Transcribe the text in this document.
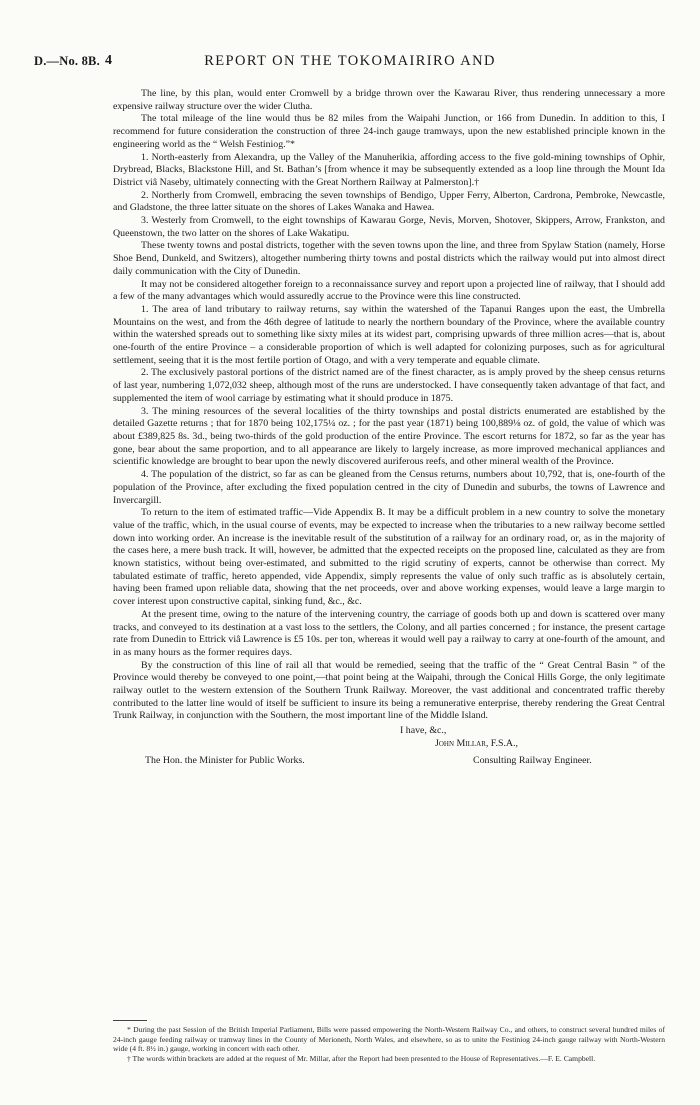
D.—No. 8B. 4	REPORT ON THE TOKOMAIRIRO AND

The line, by this plan, would enter Cromwell by a bridge thrown over the Kawarau River, thus rendering unnecessary a more expensive railway structure over the wider Clutha.

The total mileage of the line would thus be 82 miles from the Waipahi Junction, or 166 from Dunedin. In addition to this, I recommend for future consideration the construction of three 24-inch gauge tramways, upon the new established principle known in the engineering world as the “ Welsh Festiniog.”*

1. North-easterly from Alexandra, up the Valley of the Manuherikia, affording access to the five gold-mining townships of Ophir, Drybread, Blacks, Blackstone Hill, and St. Bathan’s [from whence it may be subsequently extended as a loop line through the Mount Ida District viâ Naseby, ultimately connecting with the Great Northern Railway at Palmerston].†

2. Northerly from Cromwell, embracing the seven townships of Bendigo, Upper Ferry, Alberton, Cardrona, Pembroke, Newcastle, and Gladstone, the three latter situate on the shores of Lakes Wanaka and Hawea.

3. Westerly from Cromwell, to the eight townships of Kawarau Gorge, Nevis, Morven, Shotover, Skippers, Arrow, Frankston, and Queenstown, the two latter on the shores of Lake Wakatipu.

These twenty towns and postal districts, together with the seven towns upon the line, and three from Spylaw Station (namely, Horse Shoe Bend, Dunkeld, and Switzers), altogether numbering thirty towns and postal districts which the railway would put into almost direct daily communication with the City of Dunedin.

It may not be considered altogether foreign to a reconnaissance survey and report upon a projected line of railway, that I should add a few of the many advantages which would assuredly accrue to the Province were this line constructed.

1. The area of land tributary to railway returns, say within the watershed of the Tapanui Ranges upon the east, the Umbrella Mountains on the west, and from the 46th degree of latitude to nearly the northern boundary of the Province, where the available country within the watershed spreads out to something like sixty miles at its widest part, comprising upwards of three million acres—that is, about one-fourth of the entire Province – a considerable proportion of which is well adapted for colonizing purposes, such as for agricultural settlement, seeing that it is the most fertile portion of Otago, and with a very temperate and equable climate.

2. The exclusively pastoral portions of the district named are of the finest character, as is amply proved by the sheep census returns of last year, numbering 1,072,032 sheep, although most of the runs are understocked. I have consequently taken advantage of that fact, and supplemented the item of wool carriage by estimating what it should produce in 1875.

3. The mining resources of the several localities of the thirty townships and postal districts enumerated are established by the detailed Gazette returns ; that for 1870 being 102,175¼ oz. ; for the past year (1871) being 100,889⅛ oz. of gold, the value of which was about £389,825 8s. 3d., being two-thirds of the gold production of the entire Province. The escort returns for 1872, so far as the year has gone, bear about the same proportion, and to all appearance are likely to largely increase, as more improved mechanical appliances and scientific knowledge are brought to bear upon the newly discovered auriferous reefs, and other mineral wealth of the Province.

4. The population of the district, so far as can be gleaned from the Census returns, numbers about 10,792, that is, one-fourth of the population of the Province, after excluding the fixed population centred in the city of Dunedin and suburbs, the towns of Lawrence and Invercargill.

To return to the item of estimated traffic—Vide Appendix B. It may be a difficult problem in a new country to solve the monetary value of the traffic, which, in the usual course of events, may be expected to increase when the tributaries to a new railway become settled down into working order. An increase is the inevitable result of the substitution of a railway for an ordinary road, or, as in the majority of the cases here, a mere bush track. It will, however, be admitted that the expected receipts on the proposed line, calculated as they are from known statistics, without being over-estimated, and submitted to the rigid scrutiny of experts, cannot be otherwise than correct. My tabulated estimate of traffic, hereto appended, vide Appendix, simply represents the value of only such traffic as is absolutely certain, having been framed upon reliable data, showing that the net proceeds, over and above working expenses, would leave a large margin to cover interest upon constructive capital, sinking fund, &c., &c.

At the present time, owing to the nature of the intervening country, the carriage of goods both up and down is scattered over many tracks, and conveyed to its destination at a vast loss to the settlers, the Colony, and all parties concerned ; for instance, the present cartage rate from Dunedin to Ettrick viâ Lawrence is £5 10s. per ton, whereas it would well pay a railway to carry at one-fourth of the amount, and in as many hours as the former requires days.

By the construction of this line of rail all that would be remedied, seeing that the traffic of the “ Great Central Basin ” of the Province would thereby be conveyed to one point,—that point being at the Waipahi, through the Conical Hills Gorge, the only legitimate railway outlet to the western extension of the Southern Trunk Railway. Moreover, the vast additional and concentrated traffic thereby contributed to the latter line would of itself be sufficient to insure its being a remunerative enterprise, thereby rendering the Great Central Trunk Railway, in conjunction with the Southern, the most important line of the Middle Island.

I have, &c.,
John Millar, F.S.A.,
The Hon. the Minister for Public Works.	Consulting Railway Engineer.

* During the past Session of the British Imperial Parliament, Bills were passed empowering the North-Western Railway Co., and others, to construct several hundred miles of 24-inch gauge feeding railway or tramway lines in the County of Merioneth, North Wales, and elsewhere, so as to unite the Festiniog 24-inch gauge railway with North-Western wide (4 ft. 8½ in.) gauge, working in concert with each other.

† The words within brackets are added at the request of Mr. Millar, after the Report had been presented to the House of Representatives.—F. E. Campbell.
